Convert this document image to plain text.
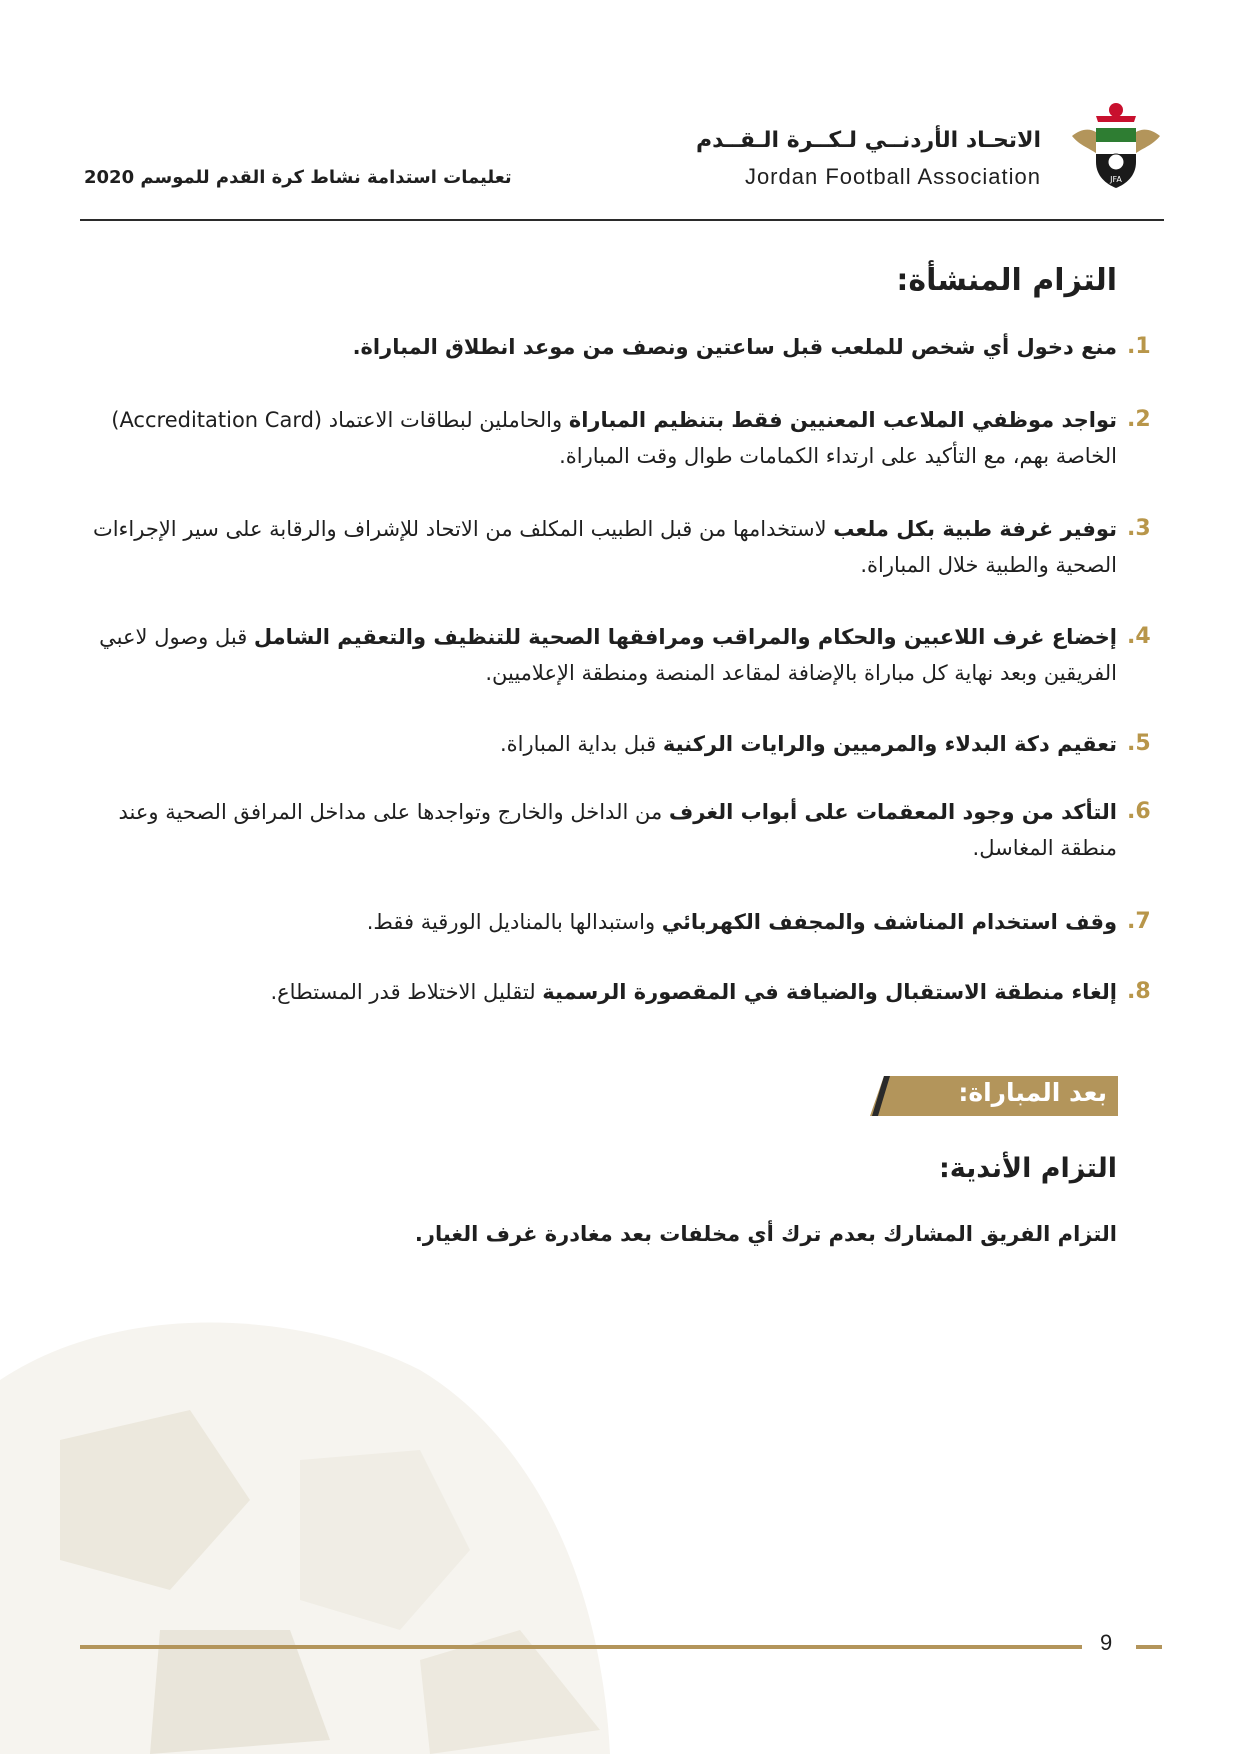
JFA
الاتحـاد الأردنــي لـكــرة الـقــدم
Jordan Football Association
تعليمات استدامة نشاط كرة القدم للموسم 2020
التزام المنشأة:
.1
منع دخول أي شخص للملعب قبل ساعتين ونصف من موعد انطلاق المباراة.
.2
تواجد موظفي الملاعب المعنيين فقط بتنظيم المباراة والحاملين لبطاقات الاعتماد (Accreditation Card) الخاصة بهم، مع التأكيد على ارتداء الكمامات طوال وقت المباراة.
.3
توفير غرفة طبية بكل ملعب لاستخدامها من قبل الطبيب المكلف من الاتحاد للإشراف والرقابة على سير الإجراءات الصحية والطبية خلال المباراة.
.4
إخضاع غرف اللاعبين والحكام والمراقب ومرافقها الصحية للتنظيف والتعقيم الشامل قبل وصول لاعبي الفريقين وبعد نهاية كل مباراة بالإضافة لمقاعد المنصة ومنطقة الإعلاميين.
.5
تعقيم دكة البدلاء والمرميين والرايات الركنية قبل بداية المباراة.
.6
التأكد من وجود المعقمات على أبواب الغرف من الداخل والخارج وتواجدها على مداخل المرافق الصحية وعند منطقة المغاسل.
.7
وقف استخدام المناشف والمجفف الكهربائي واستبدالها بالمناديل الورقية فقط.
.8
إلغاء منطقة الاستقبال والضيافة في المقصورة الرسمية لتقليل الاختلاط قدر المستطاع.
بعد المباراة:
التزام الأندية:
التزام الفريق المشارك بعدم ترك أي مخلفات بعد مغادرة غرف الغيار.
9
